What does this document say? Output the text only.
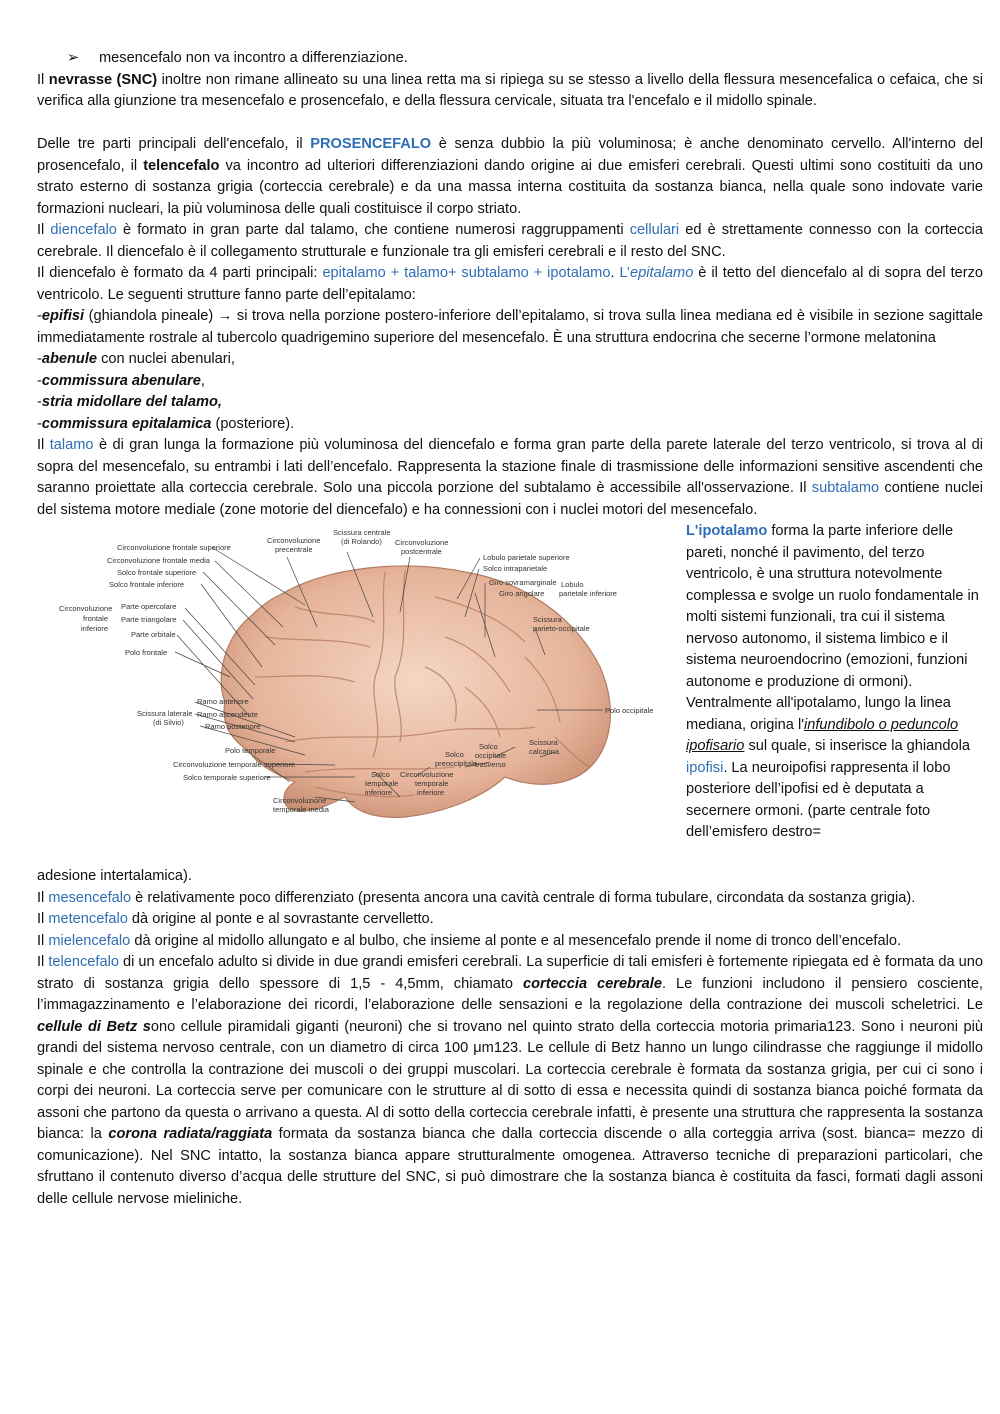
➢ mesencefalo non va incontro a differenziazione.

Il nevrasse (SNC) inoltre non rimane allineato su una linea retta ma si ripiega su se stesso a livello della flessura mesencefalica o cefaica, che si verifica alla giunzione tra mesencefalo e prosencefalo, e della flessura cervicale, situata tra l'encefalo e il midollo spinale.

Delle tre parti principali dell'encefalo, il PROSENCEFALO è senza dubbio la più voluminosa; è anche denominato cervello. All'interno del prosencefalo, il telencefalo va incontro ad ulteriori differenziazioni dando origine ai due emisferi cerebrali. Questi ultimi sono costituiti da uno strato esterno di sostanza grigia (corteccia cerebrale) e da una massa interna costituita da sostanza bianca, nella quale sono indovate varie formazioni nucleari, la più voluminosa delle quali costituisce il corpo striato.

Il diencefalo è formato in gran parte dal talamo, che contiene numerosi raggruppamenti cellulari ed è strettamente connesso con la corteccia cerebrale. Il diencefalo è il collegamento strutturale e funzionale tra gli emisferi cerebrali e il resto del SNC.

Il diencefalo è formato da 4 parti principali: epitalamo + talamo+ subtalamo + ipotalamo. L’epitalamo è il tetto del diencefalo al di sopra del terzo ventricolo. Le seguenti strutture fanno parte dell’epitalamo:

-epifisi (ghiandola pineale) → si trova nella porzione postero-inferiore dell’epitalamo, si trova sulla linea mediana ed è visibile in sezione sagittale immediatamente rostrale al tubercolo quadrigemino superiore del mesencefalo. È una struttura endocrina che secerne l’ormone melatonina

-abenule con nuclei abenulari,

-commissura abenulare,

-stria midollare del talamo,

-commissura epitalamica (posteriore).

Il talamo è di gran lunga la formazione più voluminosa del diencefalo e forma gran parte della parete laterale del terzo ventricolo, si trova al di sopra del mesencefalo, su entrambi i lati dell’encefalo. Rappresenta la stazione finale di trasmissione delle informazioni sensitive ascendenti che saranno proiettate alla corteccia cerebrale. Solo una piccola porzione del subtalamo è accessibile all'osservazione. Il subtalamo contiene nuclei del sistema motore mediale (zone motorie del diencefalo) e ha connessioni con i nuclei motori del mesencefalo.

Circonvoluzione precentrale
Scissura centrale (di Rolando)	Circonvoluzione postcentrale
Circonvoluzione frontale superiore
Circonvoluzione frontale media
Solco frontale superiore
Solco frontale inferiore
Circonvoluzione frontale inferiore
Parte opercolare
Parte triangolare
Parte orbitale
Polo frontale
Lobulo parietale superiore
Solco intraparietale
Giro sovramarginale
Giro angolare
Lobulo parietale inferiore
Scissura parieto-occipitale
Polo occipitale
Ramo anteriore
Ramo ascendente
Ramo posteriore
Scissura laterale (di Silvio)
Polo temporale
Circonvoluzione temporale superiore
Solco temporale superiore
Circonvoluzione temporale media
Solco temporale inferiore
Circonvoluzione temporale inferiore
Solco preoccipitale
Solco occipitale trasverso
Scissura calcarina

L'ipotalamo forma la parte inferiore delle pareti, nonché il pavimento, del terzo ventricolo, è una struttura notevolmente complessa e svolge un ruolo fondamentale in molti sistemi funzionali, tra cui il sistema nervoso autonomo, il sistema limbico e il sistema neuroendocrino (emozioni, funzioni autonome e produzione di ormoni). Ventralmente all'ipotalamo, lungo la linea mediana, origina l'infundibolo o peduncolo ipofisario sul quale, si inserisce la ghiandola ipofisi. La neuroipofisi rappresenta il lobo posteriore dell’ipofisi ed è deputata a secernere ormoni. (parte centrale foto dell’emisfero destro=

adesione intertalamica).

Il mesencefalo è relativamente poco differenziato (presenta ancora una cavità centrale di forma tubulare, circondata da sostanza grigia).

Il metencefalo dà origine al ponte e al sovrastante cervelletto.

Il mielencefalo dà origine al midollo allungato e al bulbo, che insieme al ponte e al mesencefalo prende il nome di tronco dell’encefalo.

Il telencefalo di un encefalo adulto si divide in due grandi emisferi cerebrali. La superficie di tali emisferi è fortemente ripiegata ed è formata da uno strato di sostanza grigia dello spessore di 1,5 - 4,5mm, chiamato corteccia cerebrale. Le funzioni includono il pensiero cosciente, l’immagazzinamento e l’elaborazione dei ricordi, l’elaborazione delle sensazioni e la regolazione della contrazione dei muscoli scheletrici. Le cellule di Betz sono cellule piramidali giganti (neuroni) che si trovano nel quinto strato della corteccia motoria primaria123. Sono i neuroni più grandi del sistema nervoso centrale, con un diametro di circa 100 μm123. Le cellule di Betz hanno un lungo cilindrasse che raggiunge il midollo spinale e che controlla la contrazione dei muscoli o dei gruppi muscolari. La corteccia cerebrale è formata da sostanza grigia, per cui ci sono i corpi dei neuroni. La corteccia serve per comunicare con le strutture al di sotto di essa e necessita quindi di sostanza bianca poiché formata da assoni che partono da questa o arrivano a questa. Al di sotto della corteccia cerebrale infatti, è presente una struttura che rappresenta la sostanza bianca: la corona radiata/raggiata formata da sostanza bianca che dalla corteccia discende o alla corteggia arriva (sost. bianca= mezzo di comunicazione). Nel SNC intatto, la sostanza bianca appare strutturalmente omogenea. Attraverso tecniche di preparazioni particolari, che sfruttano il contenuto diverso d’acqua delle strutture del SNC, si può dimostrare che la sostanza bianca è costituita da fasci, formati dagli assoni delle cellule nervose mieliniche.
